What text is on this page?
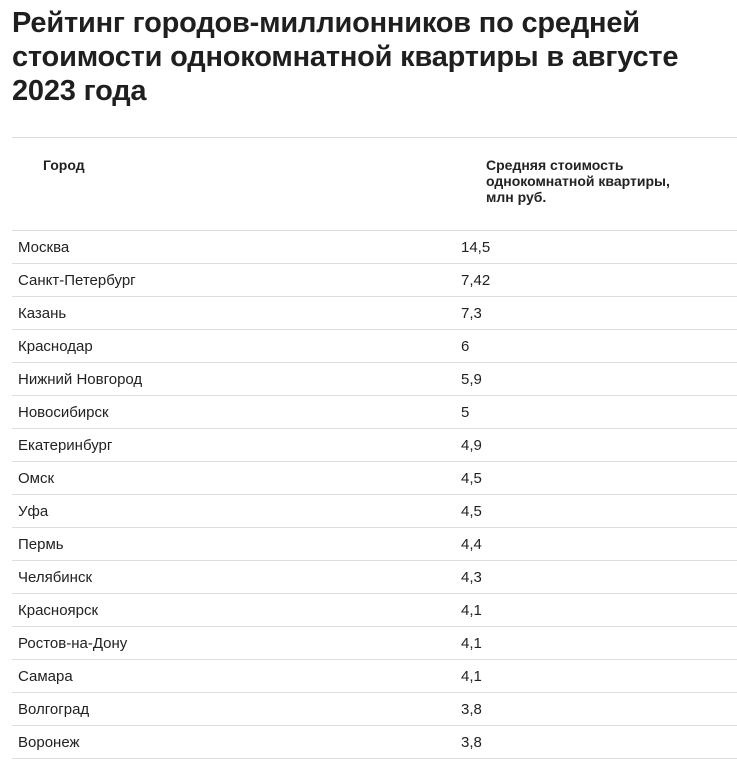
Рейтинг городов-миллионников по средней стоимости однокомнатной квартиры в августе 2023 года
Город	Средняя стоимость
однокомнатной квартиры,
млн руб.
Москва	14,5
Санкт-Петербург	7,42
Казань	7,3
Краснодар	6
Нижний Новгород	5,9
Новосибирск	5
Екатеринбург	4,9
Омск	4,5
Уфа	4,5
Пермь	4,4
Челябинск	4,3
Красноярск	4,1
Ростов-на-Дону	4,1
Самара	4,1
Волгоград	3,8
Воронеж	3,8
